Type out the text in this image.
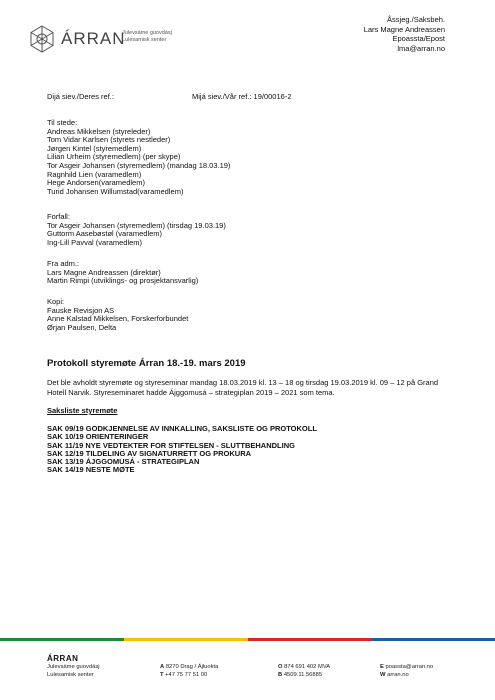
ÁRRAN
Julevsáme guovdásj
Lulesamisk senter
Åssjeg./Saksbeh.
Lars Magne Andreassen
Epoassta/Epost
lma@arran.no
Dijá siev./Deres ref.:	Mijá siev./Vår ref.: 19/00016-2
Til stede:
Andreas Mikkelsen (styreleder)
Tom Vidar Karlsen (styrets nestleder)
Jørgen Kintel (styremedlem)
Lilian Urheim (styremedlem) (per skype)
Tor Asgeir Johansen (styremedlem) (mandag 18.03.19)
Ragnhild Lien (varamedlem)
Hege Andorsen(varamedlem)
Turid Johansen Willumstad(varamedlem)
Forfall:
Tor Asgeir Johansen (styremedlem) (tirsdag 19.03.19)
Guttorm Aasebøstøl (varamedlem)
Ing-Lill Pavval (varamedlem)
Fra adm.:
Lars Magne Andreassen (direktør)
Martin Rimpi (utviklings- og prosjektansvarlig)
Kopi:
Fauske Revisjon AS
Anne Kalstad Mikkelsen, Forskerforbundet
Ørjan Paulsen, Delta
Protokoll styremøte Árran 18.-19. mars 2019
Det ble avholdt styremøte og styreseminar mandag 18.03.2019 kl. 13 – 18 og tirsdag 19.03.2019 kl. 09 – 12 på Grand Hotell Narvik. Styreseminaret hadde Ájggomusá – strategiplan 2019 – 2021 som tema.
Saksliste styremøte
SAK 09/19 GODKJENNELSE AV INNKALLING, SAKSLISTE OG PROTOKOLL
SAK 10/19 ORIENTERINGER
SAK 11/19 NYE VEDTEKTER FOR STIFTELSEN - SLUTTBEHANDLING
SAK 12/19 TILDELING AV SIGNATURRETT OG PROKURA
SAK 13/19 ÁJGGOMUSÁ - STRATEGIPLAN
SAK 14/19 NESTE MØTE
ÁRRAN
Julevsáme guovdásj
Lulesamisk senter
A 8270 Drag / Ájluokta
T +47 75 77 51 00
O 874 691 402 MVA
B 4509.11.56885
E poassta@arran.no
W arran.no
